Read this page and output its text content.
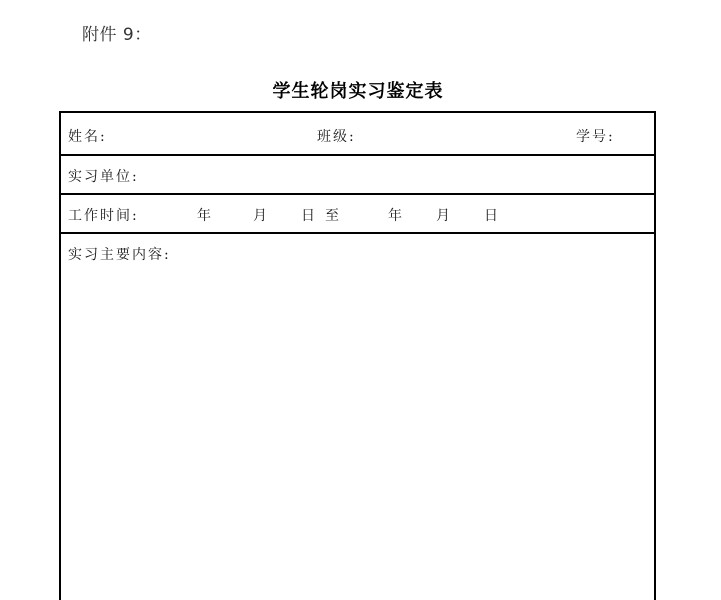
附件 9：
学生轮岗实习鉴定表
姓名:	班级:	学号:
实习单位:
工作时间:	年	月 日 至	年 月 日
实习主要内容:
